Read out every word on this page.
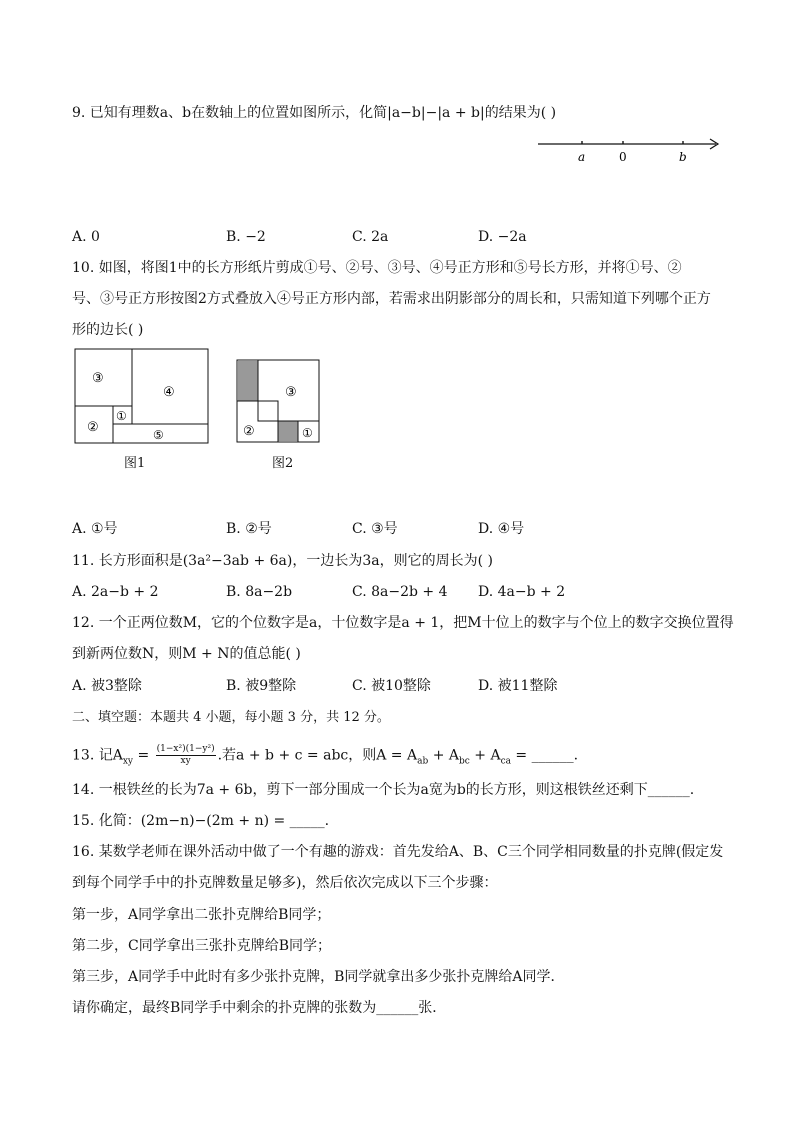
9. 已知有理数a、b在数轴上的位置如图所示，化简|a−b|−|a + b|的结果为( )
a	0	b
A. 0	B. −2	C. 2a	D. −2a
10. 如图，将图1中的长方形纸片剪成①号、②号、③号、④号正方形和⑤号长方形，并将①号、②
号、③号正方形按图2方式叠放入④号正方形内部，若需求出阴影部分的周长和，只需知道下列哪个正方
形的边长( )
③
④
①
②	⑤
图1
③
②	①
图2
A. ①号	B. ②号	C. ③号	D. ④号
11. 长方形面积是(3a²−3ab + 6a)，一边长为3a，则它的周长为( )
A. 2a−b + 2	B. 8a−2b	C. 8a−2b + 4 D. 4a−b + 2
12. 一个正两位数M，它的个位数字是a，十位数字是a + 1，把M十位上的数字与个位上的数字交换位置得
到新两位数N，则M + N的值总能( )
A. 被3整除	B. 被9整除	C. 被10整除	D. 被11整除
二、填空题：本题共 4 小题，每小题 3 分，共 12 分。
13. 记$A_{xy} = \frac{\text{(1−x²)(1−y²)}}{xy}$ .若a + b + c = abc，则$A = A_{ab} + A_{bc} + A_{ca}$ = ______.
14. 一根铁丝的长为7a + 6b，剪下一部分围成一个长为a宽为b的长方形，则这根铁丝还剩下______.
15. 化简：(2m−n)−(2m + n) = _____.
16. 某数学老师在课外活动中做了一个有趣的游戏：首先发给A、B、C三个同学相同数量的扑克牌(假定发
到每个同学手中的扑克牌数量足够多)，然后依次完成以下三个步骤：
第一步，A同学拿出二张扑克牌给B同学；
第二步，C同学拿出三张扑克牌给B同学；
第三步，A同学手中此时有多少张扑克牌，B同学就拿出多少张扑克牌给A同学．
请你确定，最终B同学手中剩余的扑克牌的张数为______张．
